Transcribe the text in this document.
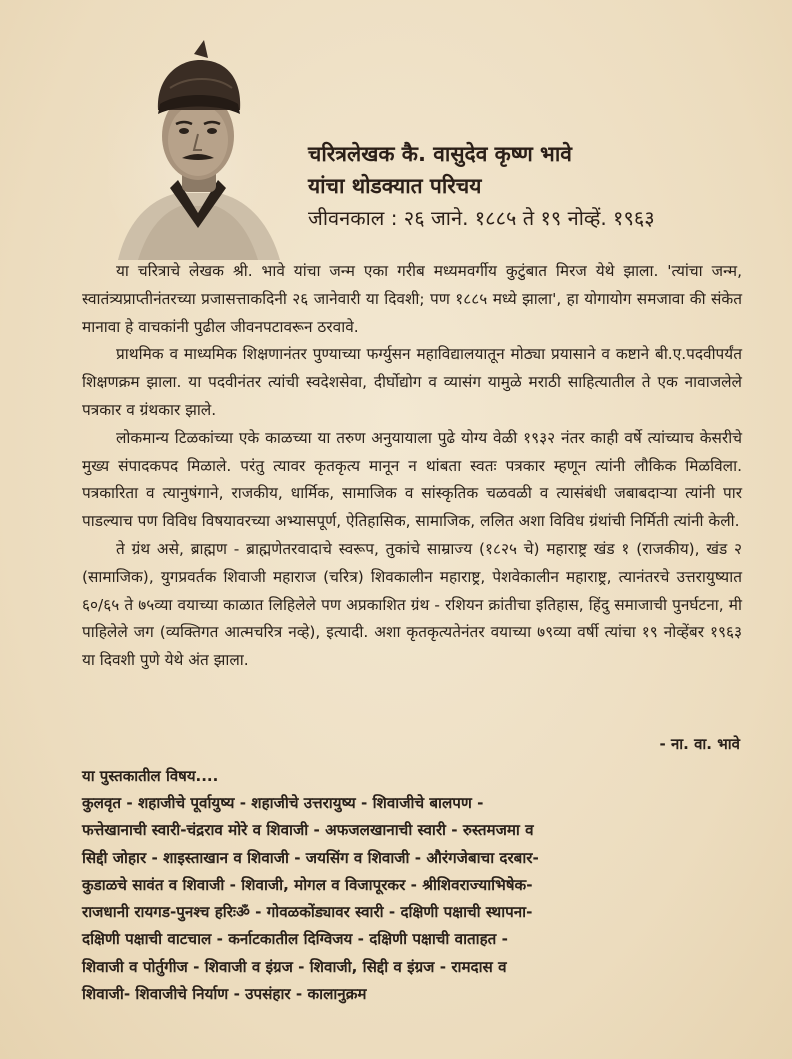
चरित्रलेखक कै. वासुदेव कृष्ण भावे
यांचा थोडक्यात परिचय
जीवनकाल : २६ जाने. १८८५ ते १९ नोव्हें. १९६३

या चरित्राचे लेखक श्री. भावे यांचा जन्म एका गरीब मध्यमवर्गीय कुटुंबात मिरज येथे झाला. 'त्यांचा जन्म, स्वातंत्र्यप्राप्तीनंतरच्या प्रजासत्ताकदिनी २६ जानेवारी या दिवशी; पण १८८५ मध्ये झाला', हा योगायोग समजावा की संकेत मानावा हे वाचकांनी पुढील जीवनपटावरून ठरवावे.

प्राथमिक व माध्यमिक शिक्षणानंतर पुण्याच्या फर्ग्युसन महाविद्यालयातून मोठ्या प्रयासाने व कष्टाने बी.ए.पदवीपर्यंत शिक्षणक्रम झाला. या पदवीनंतर त्यांची स्वदेशसेवा, दीर्घोद्योग व व्यासंग यामुळे मराठी साहित्यातील ते एक नावाजलेले पत्रकार व ग्रंथकार झाले.

लोकमान्य टिळकांच्या एके काळच्या या तरुण अनुयायाला पुढे योग्य वेळी १९३२ नंतर काही वर्षे त्यांच्याच केसरीचे मुख्य संपादकपद मिळाले. परंतु त्यावर कृतकृत्य मानून न थांबता स्वतः पत्रकार म्हणून त्यांनी लौकिक मिळविला. पत्रकारिता व त्यानुषंगाने, राजकीय, धार्मिक, सामाजिक व सांस्कृतिक चळवळी व त्यासंबंधी जबाबदाऱ्या त्यांनी पार पाडल्याच पण विविध विषयावरच्या अभ्यासपूर्ण, ऐतिहासिक, सामाजिक, ललित अशा विविध ग्रंथांची निर्मिती त्यांनी केली.

ते ग्रंथ असे, ब्राह्मण - ब्राह्मणेतरवादाचे स्वरूप, तुकांचे साम्राज्य (१८२५ चे) महाराष्ट्र खंड १ (राजकीय), खंड २ (सामाजिक), युगप्रवर्तक शिवाजी महाराज (चरित्र) शिवकालीन महाराष्ट्र, पेशवेकालीन महाराष्ट्र, त्यानंतरचे उत्तरायुष्यात ६०/६५ ते ७५व्या वयाच्या काळात लिहिलेले पण अप्रकाशित ग्रंथ - रशियन क्रांतीचा इतिहास, हिंदु समाजाची पुनर्घटना, मी पाहिलेले जग (व्यक्तिगत आत्मचरित्र नव्हे), इत्यादी. अशा कृतकृत्यतेनंतर वयाच्या ७९व्या वर्षी त्यांचा १९ नोव्हेंबर १९६३ या दिवशी पुणे येथे अंत झाला.

- ना. वा. भावे
या पुस्तकातील विषय....
कुलवृत - शहाजीचे पूर्वायुष्य - शहाजीचे उत्तरायुष्य - शिवाजीचे बालपण -
फत्तेखानाची स्वारी-चंद्रराव मोरे व शिवाजी - अफजलखानाची स्वारी - रुस्तमजमा व
सिद्दी जोहार - शाइस्ताखान व शिवाजी - जयसिंग व शिवाजी - औरंगजेबाचा दरबार-
कुडाळचे सावंत व शिवाजी - शिवाजी, मोगल व विजापूरकर - श्रीशिवराज्याभिषेक-
राजधानी रायगड-पुनश्च हरिःॐ - गोवळकोंड्यावर स्वारी - दक्षिणी पक्षाची स्थापना-
दक्षिणी पक्षाची वाटचाल - कर्नाटकातील दिग्विजय - दक्षिणी पक्षाची वाताहत -
शिवाजी व पोर्तुगीज - शिवाजी व इंग्रज - शिवाजी, सिद्दी व इंग्रज - रामदास व
शिवाजी- शिवाजीचे निर्याण - उपसंहार - कालानुक्रम
